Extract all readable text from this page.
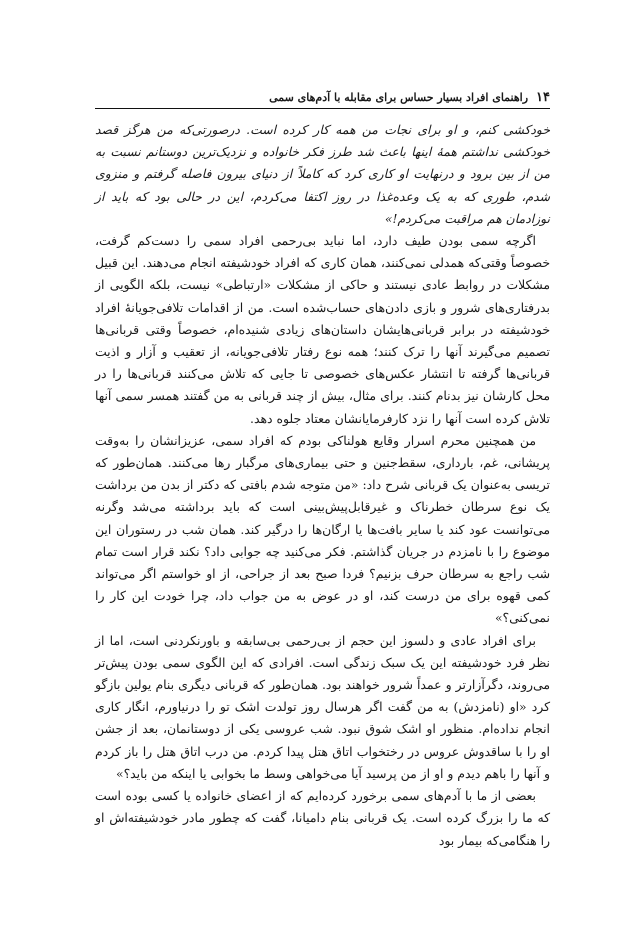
۱۴
راهنمای افراد بسیار حساس برای مقابله با آدم‌های سمی

خودکشی کنم، و او برای نجات من همه کار کرده است. درصورتی‌که من هرگز قصد خودکشی نداشتم همهٔ اینها باعث شد طرز فکر خانواده و نزدیک‌ترین دوستانم نسبت به من از بین برود و درنهایت او کاری کرد که کاملاً از دنیای بیرون فاصله گرفتم و منزوی شدم، طوری که به یک وعده‌غذا در روز اکتفا می‌کردم، این در حالی بود که باید از نوزادمان هم مراقبت می‌کردم!»

اگرچه سمی بودن طیف دارد، اما نباید بی‌رحمی افراد سمی را دست‌کم گرفت، خصوصاً وقتی‌که همدلی نمی‌کنند، همان کاری که افراد خودشیفته انجام می‌دهند. این قبیل مشکلات در روابط عادی نیستند و حاکی از مشکلات «ارتباطی» نیست، بلکه الگویی از بدرفتاری‌های شرور و بازی دادن‌های حساب‌شده است. من از اقدامات تلافی‌جویانهٔ افراد خودشیفته در برابر قربانی‌هایشان داستان‌های زیادی شنیده‌ام، خصوصاً وقتی قربانی‌ها تصمیم می‌گیرند آنها را ترک کنند؛ همه نوع رفتار تلافی‌جویانه، از تعقیب و آزار و اذیت قربانی‌ها گرفته تا انتشار عکس‌های خصوصی تا جایی که تلاش می‌کنند قربانی‌ها را در محل کارشان نیز بدنام کنند. برای مثال، بیش از چند قربانی به من گفتند همسر سمی آنها تلاش کرده است آنها را نزد کارفرمایانشان معتاد جلوه دهد.

من همچنین محرم اسرار وقایع هولناکی بودم که افراد سمی، عزیزانشان را به‌وقت پریشانی، غم، بارداری، سقط‌جنین و حتی بیماری‌های مرگبار رها می‌کنند. همان‌طور که تریسی به‌عنوان یک قربانی شرح داد: «من متوجه شدم بافتی که دکتر از بدن من برداشت یک نوع سرطان خطرناک و غیرقابل‌پیش‌بینی است که باید برداشته می‌شد وگرنه می‌توانست عود کند یا سایر بافت‌ها یا ارگان‌ها را درگیر کند. همان شب در رستوران این موضوع را با نامزدم در جریان گذاشتم. فکر می‌کنید چه جوابی داد؟ نکند قرار است تمام شب راجع به سرطان حرف بزنیم؟ فردا صبح بعد از جراحی، از او خواستم اگر می‌تواند کمی قهوه برای من درست کند، او در عوض به من جواب داد، چرا خودت این کار را نمی‌کنی؟»

برای افراد عادی و دلسوز این حجم از بی‌رحمی بی‌سابقه و باورنکردنی است، اما از نظر فرد خودشیفته این یک سبک زندگی است. افرادی که این الگوی سمی بودن پیش‌تر می‌روند، دگرآزارتر و عمداً شرور خواهند بود. همان‌طور که قربانی دیگری بنام یولین بازگو کرد «او (نامزدش) به من گفت اگر هرسال روز تولدت اشک تو را درنیاورم، انگار کاری انجام نداده‌ام. منظور او اشک شوق نبود. شب عروسی یکی از دوستانمان، بعد از جشن او را با ساقدوش عروس در رختخواب اتاق هتل پیدا کردم. من درب اتاق هتل را باز کردم و آنها را باهم دیدم و او از من پرسید آیا می‌خواهی وسط ما بخوابی یا اینکه من باید؟»

بعضی از ما با آدم‌های سمی برخورد کرده‌ایم که از اعضای خانواده یا کسی بوده است که ما را بزرگ کرده است. یک قربانی بنام دامیانا، گفت که چطور مادر خودشیفته‌اش او را هنگامی‌که بیمار بود
